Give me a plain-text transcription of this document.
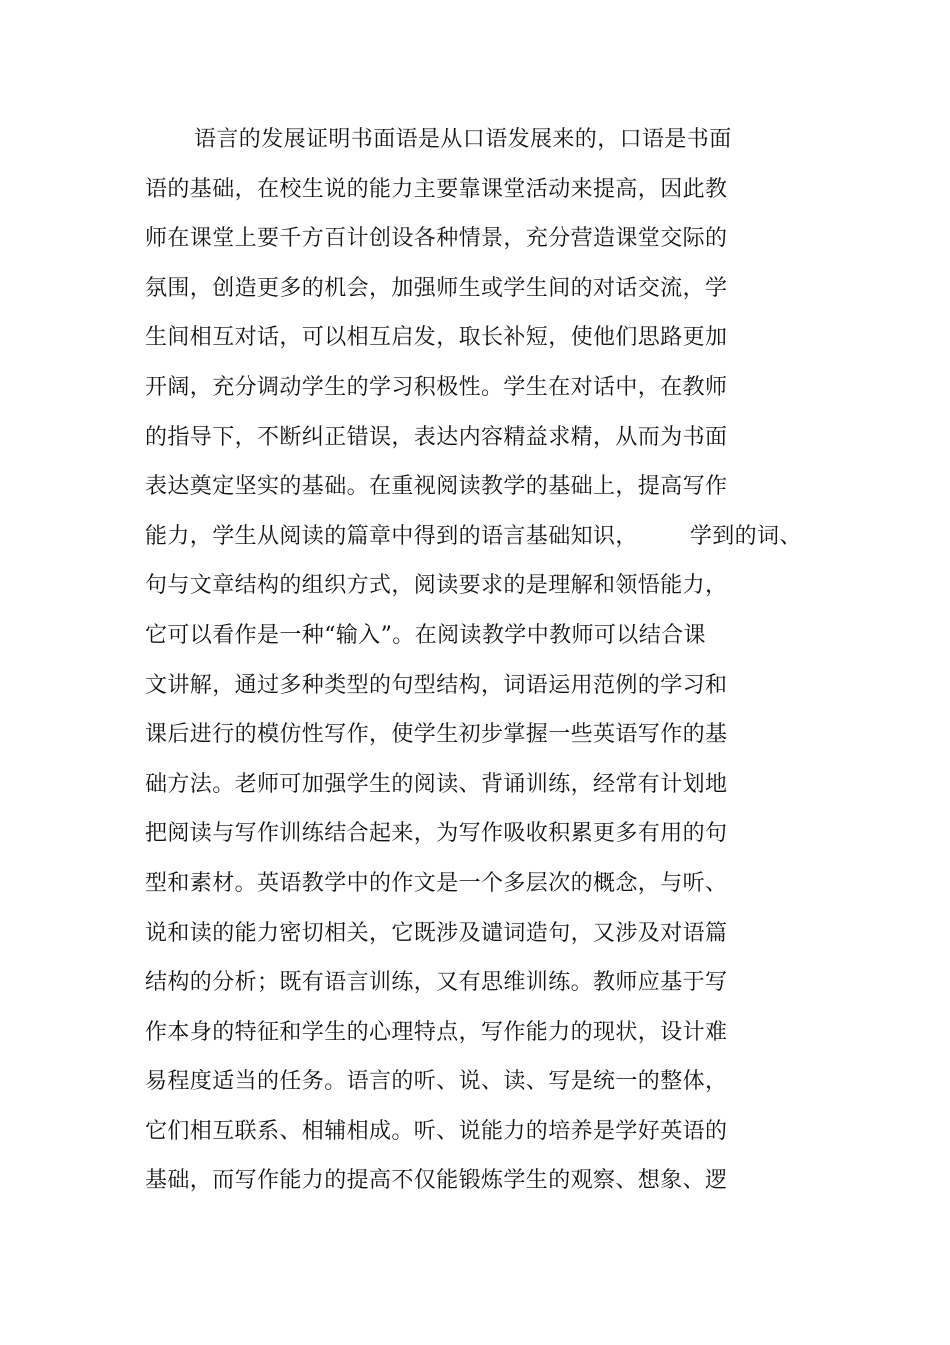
语言的发展证明书面语是从口语发展来的，口语是书面
语的基础，在校生说的能力主要靠课堂活动来提高，因此教
师在课堂上要千方百计创设各种情景，充分营造课堂交际的
氛围，创造更多的机会，加强师生或学生间的对话交流，学
生间相互对话，可以相互启发，取长补短，使他们思路更加
开阔，充分调动学生的学习积极性。学生在对话中，在教师
的指导下，不断纠正错误，表达内容精益求精，从而为书面
表达奠定坚实的基础。在重视阅读教学的基础上，提高写作
能力，学生从阅读的篇章中得到的语言基础知识， 学到的词、
句与文章结构的组织方式，阅读要求的是理解和领悟能力，
它可以看作是一种“输入”。在阅读教学中教师可以结合课
文讲解，通过多种类型的句型结构，词语运用范例的学习和
课后进行的模仿性写作，使学生初步掌握一些英语写作的基
础方法。老师可加强学生的阅读、背诵训练，经常有计划地
把阅读与写作训练结合起来，为写作吸收积累更多有用的句
型和素材。英语教学中的作文是一个多层次的概念，与听、
说和读的能力密切相关，它既涉及谴词造句，又涉及对语篇
结构的分析；既有语言训练，又有思维训练。教师应基于写
作本身的特征和学生的心理特点，写作能力的现状，设计难
易程度适当的任务。语言的听、说、读、写是统一的整体，
它们相互联系、相辅相成。听、说能力的培养是学好英语的
基础，而写作能力的提高不仅能锻炼学生的观察、想象、逻
